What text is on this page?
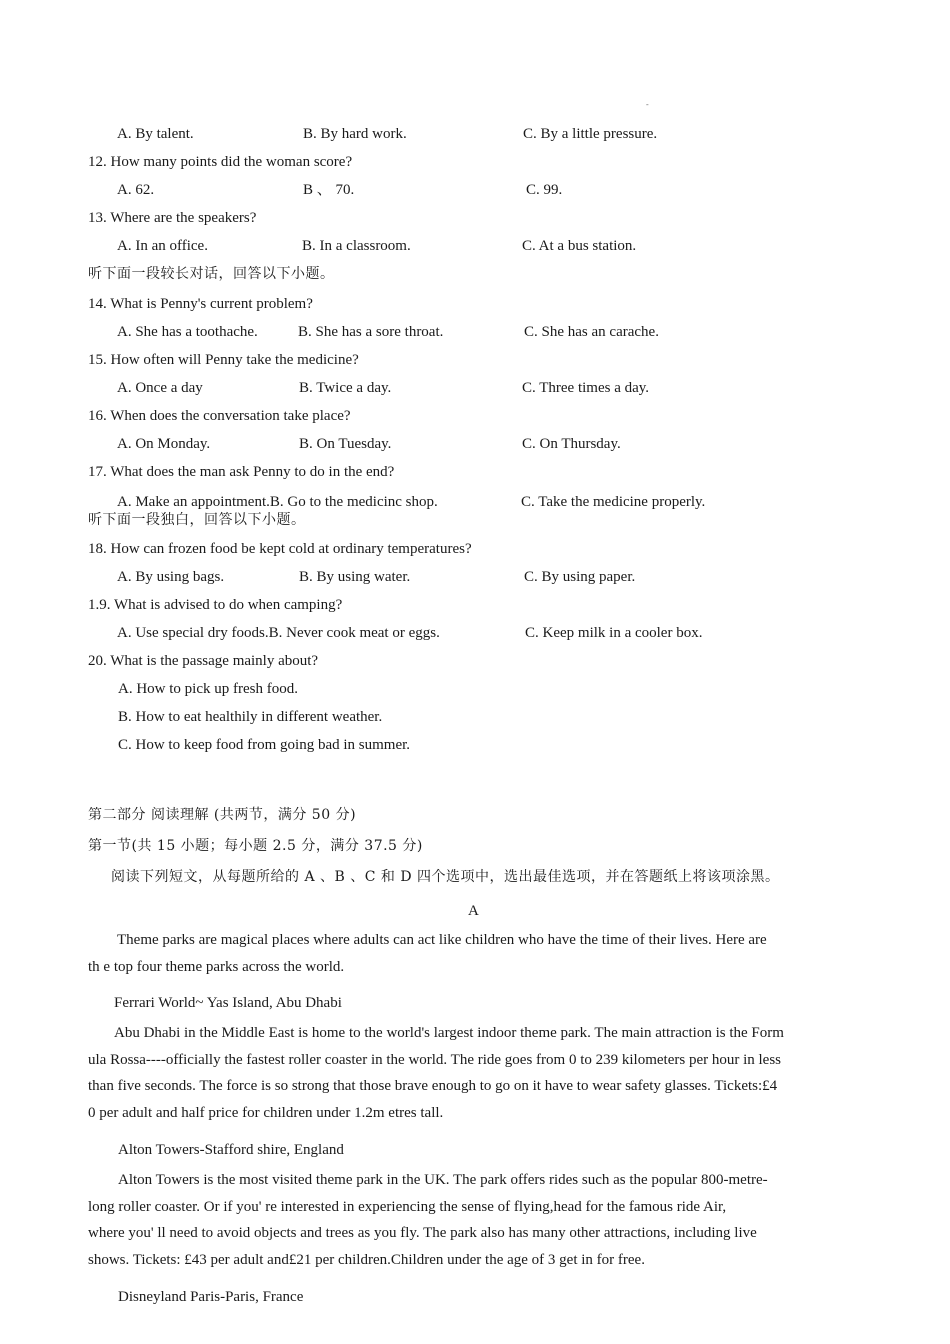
-
A. By talent.	B. By hard work.	C. By a little pressure.
12. How many points did the woman score?
A. 62.	B 、 70.	C. 99.
13. Where are the speakers?
A. In an office.	B. In a classroom.	C. At a bus station.
听下面一段较长对话，回答以下小题。
14. What is Penny's current problem?
A. She has a toothache.	B. She has a sore throat.	C. She has an carache.
15. How often will Penny take the medicine?
A. Once a day	B. Twice a day.	C. Three times a day.
16. When does the conversation take place?
A. On Monday.	B. On Tuesday.	C. On Thursday.
17. What does the man ask Penny to do in the end?
A. Make an appointment.B. Go to the medicinc shop.	C. Take the medicine properly.
听下面一段独白，回答以下小题。
18. How can frozen food be kept cold at ordinary temperatures?
A. By using bags.	B. By using water.	C. By using paper.
1.9. What is advised to do when camping?
A. Use special dry foods.B. Never cook meat or eggs.	C. Keep milk in a cooler box.
20. What is the passage mainly about?
A. How to pick up fresh food.
B. How to eat healthily in different weather.
C. How to keep food from going bad in summer.
第二部分 阅读理解 (共两节，满分 50 分)
第一节(共 15 小题；每小题 2.5 分，满分 37.5 分)
阅读下列短文，从每题所给的 A 、B 、C 和 D 四个选项中，选出最佳选项，并在答题纸上将该项涂黑。
A
Theme parks are magical places where adults can act like children who have the time of their lives. Here are
th e top four theme parks across the world.
Ferrari World~ Yas Island, Abu Dhabi
Abu Dhabi in the Middle East is home to the world's largest indoor theme park. The main attraction is the Form
ula Rossa----officially the fastest roller coaster in the world. The ride goes from 0 to 239 kilometers per hour in less
than five seconds. The force is so strong that those brave enough to go on it have to wear safety glasses. Tickets:£4
0 per adult and half price for children under 1.2m etres tall.
Alton Towers-Stafford shire, England
Alton Towers is the most visited theme park in the UK. The park offers rides such as the popular 800-metre-
long roller coaster. Or if you' re interested in experiencing the sense of flying,head for the famous ride Air,
where you' ll need to avoid objects and trees as you fly. The park also has many other attractions, including live
shows. Tickets: £43 per adult and£21 per children.Children under the age of 3 get in for free.
Disneyland Paris-Paris, France
